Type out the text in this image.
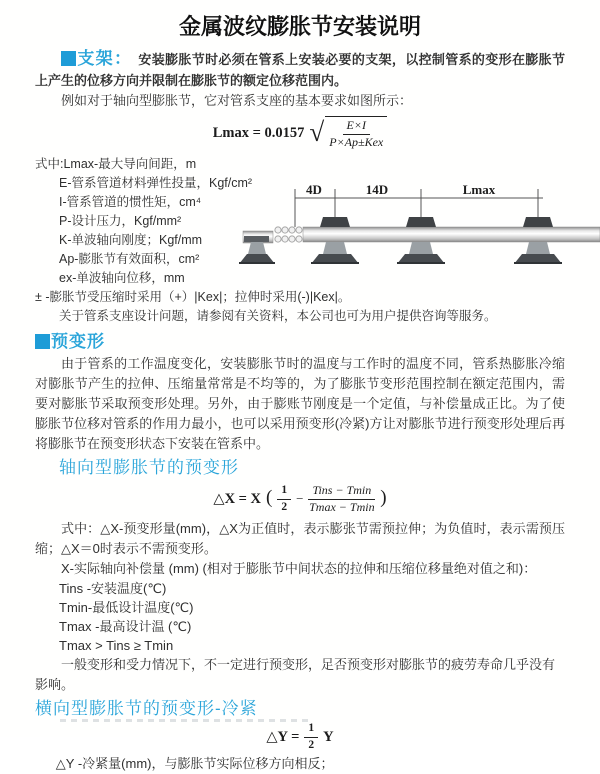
金属波纹膨胀节安装说明

支架： 安装膨胀节时必须在管系上安装必要的支架，以控制管系的变形在膨胀节上产生的位移方向并限制在膨胀节的额定位移范围内。

例如对于轴向型膨胀节，它对管系支座的基本要求如图所示：

Lmax = 0.0157 √ $\frac{E\times I}{\text{P×Ap±Kex}}$
式中:Lmax-最大导向间距，m
E-管系管道材料弹性投量，Kgf/cm²
I-管系管道的惯性矩，cm⁴
P-设计压力，Kgf/mm²
K-单波轴向刚度；Kgf/mm
Ap-膨胀节有效面积，cm²
ex-单波轴向位移，mm
± -膨胀节受压缩时采用（+）|Kex|；拉伸时采用(-)|Kex|。
关于管系支座设计问题，请参阅有关资料，本公司也可为用户提供咨询等服务。
4D	14D	Lmax

预变形

由于管系的工作温度变化，安装膨胀节时的温度与工作时的温度不同，管系热膨胀冷缩对膨胀节产生的拉伸、压缩量常常是不均等的，为了膨胀节变形范围控制在额定范围内，需要对膨胀节采取预变形处理。另外，由于膨账节刚度是一个定值，与补偿量成正比。为了使膨胀节位移对管系的作用力最小，也可以采用预变形(冷紧)方让对膨胀节进行预变形处理后再将膨胀节在预变形状态下安装在管系中。

轴向型膨胀节的预变形

△X = X ( $\frac{1}{2} - \frac{\text{Tins − Tmin}}{Tmax - Tmin}$ )

式中：△X-预变形量(mm)，△X为正值时，表示膨张节需预拉伸；为负值时，表示需预压缩；△X＝0时表示不需预变形。

X-实际轴向补偿量 (mm) (相对于膨胀节中间状态的拉伸和压缩位移量绝对值之和)：

Tins -安装温度(℃)
Tmin-最低设计温度(℃)
Tmax -最高设计温 (℃)
Tmax > Tins ≥ Tmin

一般变形和受力情况下，不一定进行预变形，足否预变形对膨胀节的疲劳寿命几乎没有影响。

横向型膨胀节的预变形-冷紧

△Y = $\frac{1}{2}$ Y

△Y -冷紧量(mm)，与膨胀节实际位移方向相反；
